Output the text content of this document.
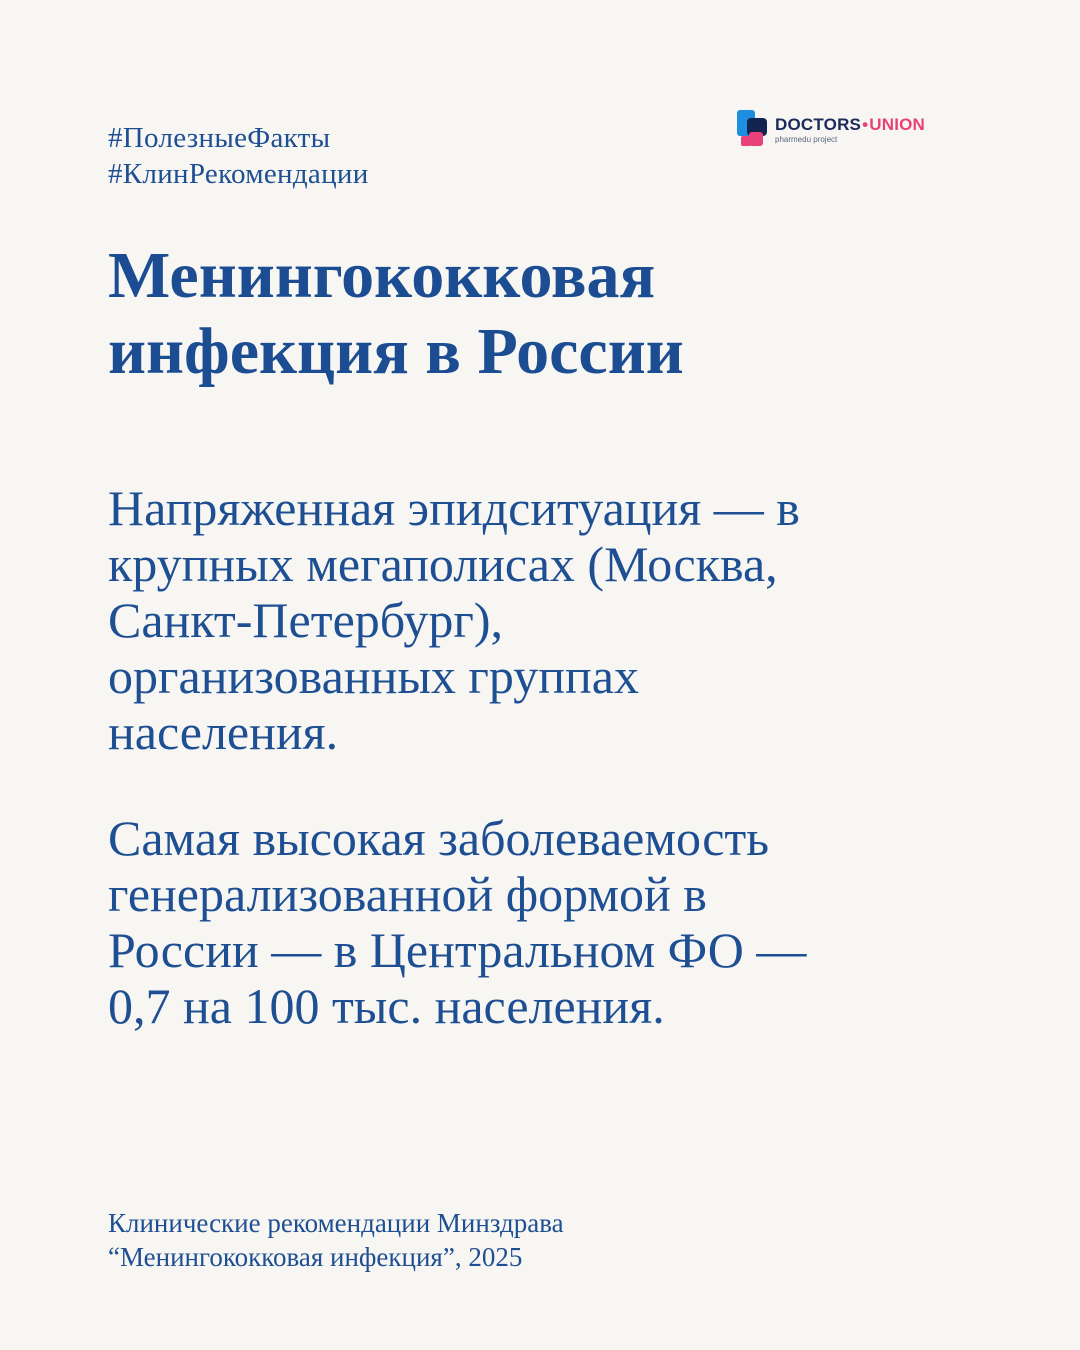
#ПолезныеФакты
#КлинРекомендации
DOCTORS•UNION
pharmedu project
Менингококковая
инфекция в России
Напряженная эпидситуация — в
крупных мегаполисах (Москва,
Санкт-Петербург),
организованных группах
населения.
Самая высокая заболеваемость
генерализованной формой в
России — в Центральном ФО —
0,7 на 100 тыс. населения.
Клинические рекомендации Минздрава
“Менингококковая инфекция”, 2025
